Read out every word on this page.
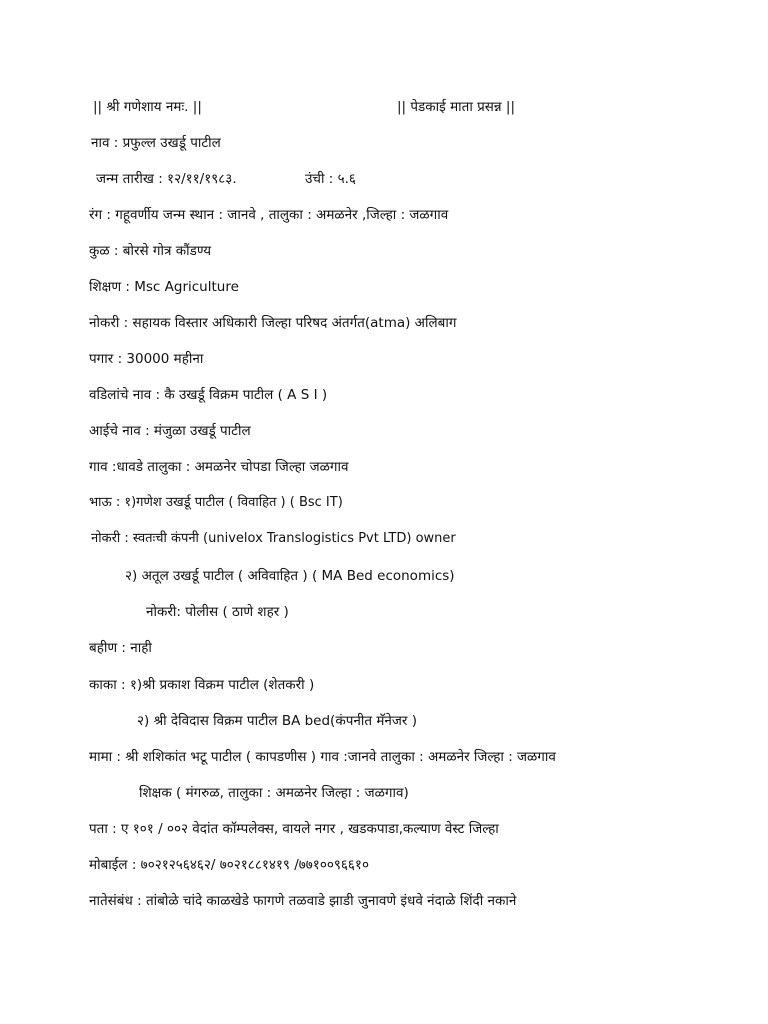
|| श्री गणेशाय नमः. ||	|| पेडकाई माता प्रसन्न ||
नाव : प्रफुल्ल उखर्डू पाटील
जन्म तारीख : १२/११/१९८३.	उंची : ५.६
रंग : गहूवर्णीय जन्म स्थान : जानवे , तालुका : अमळनेर ,जिल्हा : जळगाव
कुळ : बोरसे गोत्र कौंडण्य
शिक्षण : Msc Agriculture
नोकरी : सहायक विस्तार अधिकारी जिल्हा परिषद अंतर्गत(atma) अलिबाग
पगार : 30000 महीना
वडिलांचे नाव : कै उखर्डू विक्रम पाटील ( A S I )
आईचे नाव : मंजुळा उखर्डू पाटील
गाव :धावडे तालुका : अमळनेर चोपडा जिल्हा जळगाव
भाऊ : १)गणेश उखर्डू पाटील ( विवाहित ) ( Bsc IT)
नोकरी : स्वतःची कंपनी (univelox Translogistics Pvt LTD) owner
२) अतूल उखर्डू पाटील ( अविवाहित ) ( MA Bed economics)
नोकरी: पोलीस ( ठाणे शहर )
बहीण : नाही
काका : १)श्री प्रकाश विक्रम पाटील (शेतकरी )
२) श्री देविदास विक्रम पाटील BA bed(कंपनीत मॅनेजर )
मामा : श्री शशिकांत भटू पाटील ( कापडणीस ) गाव :जानवे तालुका : अमळनेर जिल्हा : जळगाव
शिक्षक ( मंगरुळ, तालुका : अमळनेर जिल्हा : जळगाव)
पता : ए १०१ / ००२ वेदांत कॉम्पलेक्स, वायले नगर , खडकपाडा,कल्याण वेस्ट जिल्हा
मोबाईल : ७०२१२५६४६२/ ७०२१८८१४१९ /७७१००९६६१०
नातेसंबंध : तांबोळे चांदे काळखेडे फागणे तळवाडे झाडी जुनावणे इंधवे नंदाळे शिंदी नकाने
